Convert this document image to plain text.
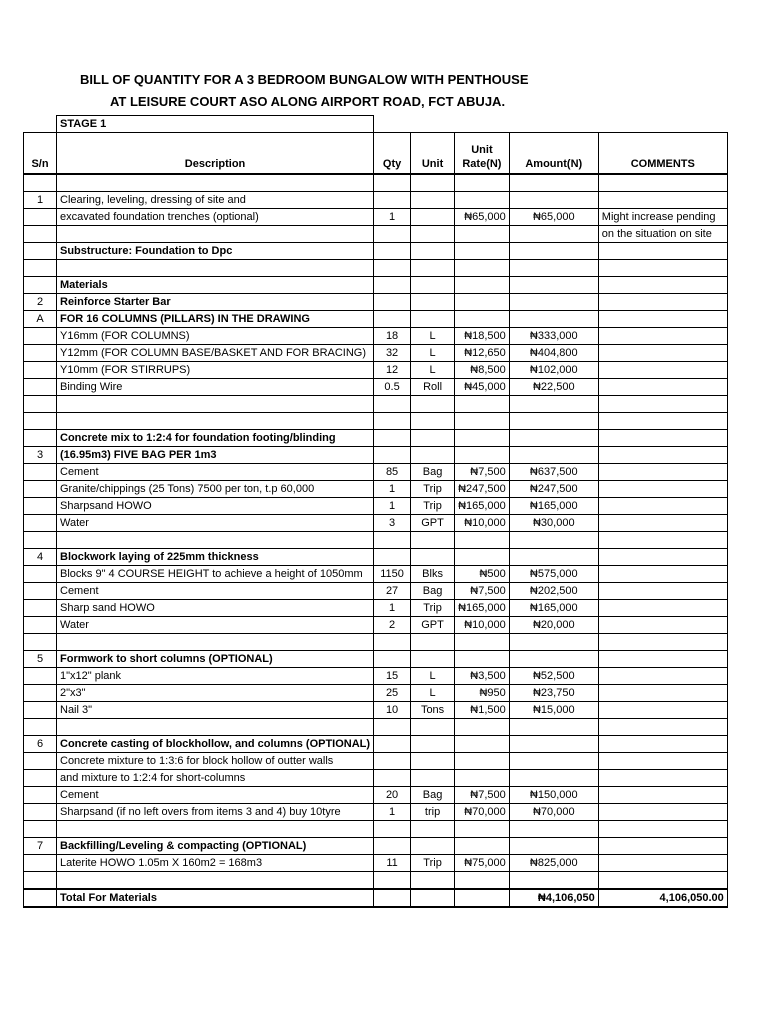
BILL OF QUANTITY FOR A 3 BEDROOM BUNGALOW WITH PENTHOUSE
AT LEISURE COURT ASO ALONG AIRPORT ROAD, FCT ABUJA.
	STAGE 1					
S/n	Description	Qty	Unit	Unit Rate(N)	Amount(N)	COMMENTS

1	Clearing, leveling, dressing of site and					
	excavated foundation trenches (optional)	1		₦65,000	₦65,000	Might increase pending
						on the situation on site
	Substructure: Foundation to Dpc					

	Materials					
2	Reinforce Starter Bar					
A	FOR 16 COLUMNS (PILLARS) IN THE DRAWING					
	Y16mm (FOR COLUMNS)	18	L	₦18,500	₦333,000	
	Y12mm (FOR COLUMN BASE/BASKET AND FOR BRACING)	32	L	₦12,650	₦404,800	
	Y10mm (FOR STIRRUPS)	12	L	₦8,500	₦102,000	
	Binding Wire	0.5	Roll	₦45,000	₦22,500	

	Concrete mix to 1:2:4 for foundation footing/blinding					
3	(16.95m3) FIVE BAG PER 1m3					
	Cement	85	Bag	₦7,500	₦637,500	
	Granite/chippings (25 Tons) 7500 per ton, t.p 60,000	1	Trip	₦247,500	₦247,500	
	Sharpsand HOWO	1	Trip	₦165,000	₦165,000	
	Water	3	GPT	₦10,000	₦30,000	

4	Blockwork laying of 225mm thickness					
	Blocks 9" 4 COURSE HEIGHT to achieve a height of 1050mm	1150	Blks	₦500	₦575,000	
	Cement	27	Bag	₦7,500	₦202,500	
	Sharp sand HOWO	1	Trip	₦165,000	₦165,000	
	Water	2	GPT	₦10,000	₦20,000	

5	Formwork to short columns (OPTIONAL)					
	1"x12" plank	15	L	₦3,500	₦52,500	
	2"x3"	25	L	₦950	₦23,750	
	Nail 3"	10	Tons	₦1,500	₦15,000	

6	Concrete casting of blockhollow, and columns (OPTIONAL)					
	Concrete mixture to 1:3:6 for block hollow of outter walls					
	and mixture to 1:2:4 for short-columns					
	Cement	20	Bag	₦7,500	₦150,000	
	Sharpsand (if no left overs from items 3 and 4) buy 10tyre	1	trip	₦70,000	₦70,000	

7	Backfilling/Leveling & compacting (OPTIONAL)					
	Laterite HOWO 1.05m X 160m2 = 168m3	11	Trip	₦75,000	₦825,000	

	Total For Materials				₦4,106,050	4,106,050.00
